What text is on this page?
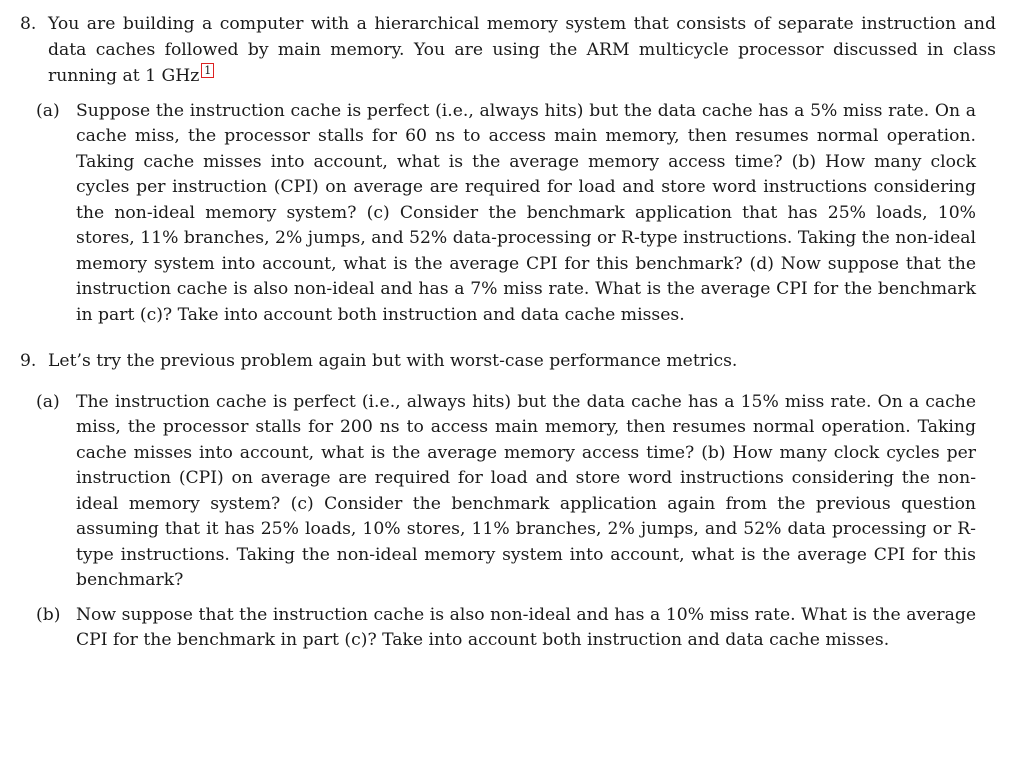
8. You are building a computer with a hierarchical memory system that consists of separate instruction and data caches followed by main memory. You are using the ARM multicycle processor discussed in class running at 1 GHz 1
(a) Suppose the instruction cache is perfect (i.e., always hits) but the data cache has a 5% miss rate. On a cache miss, the processor stalls for 60 ns to access main memory, then resumes normal operation. Taking cache misses into account, what is the average memory access time? (b) How many clock cycles per instruction (CPI) on average are required for load and store word instructions considering the non-ideal memory system? (c) Consider the benchmark application that has 25% loads, 10% stores, 11% branches, 2% jumps, and 52% data-processing or R-type instructions. Taking the non-ideal memory system into account, what is the average CPI for this benchmark? (d) Now suppose that the instruction cache is also non-ideal and has a 7% miss rate. What is the average CPI for the benchmark in part (c)? Take into account both instruction and data cache misses.
9. Let’s try the previous problem again but with worst-case performance metrics.
(a) The instruction cache is perfect (i.e., always hits) but the data cache has a 15% miss rate. On a cache miss, the processor stalls for 200 ns to access main memory, then resumes normal operation. Taking cache misses into account, what is the average memory access time? (b) How many clock cycles per instruction (CPI) on average are required for load and store word instructions considering the non-ideal memory system? (c) Consider the benchmark application again from the previous question assuming that it has 25% loads, 10% stores, 11% branches, 2% jumps, and 52% data processing or R-type instructions. Taking the non-ideal memory system into account, what is the average CPI for this benchmark?
(b) Now suppose that the instruction cache is also non-ideal and has a 10% miss rate. What is the average CPI for the benchmark in part (c)? Take into account both instruction and data cache misses.
